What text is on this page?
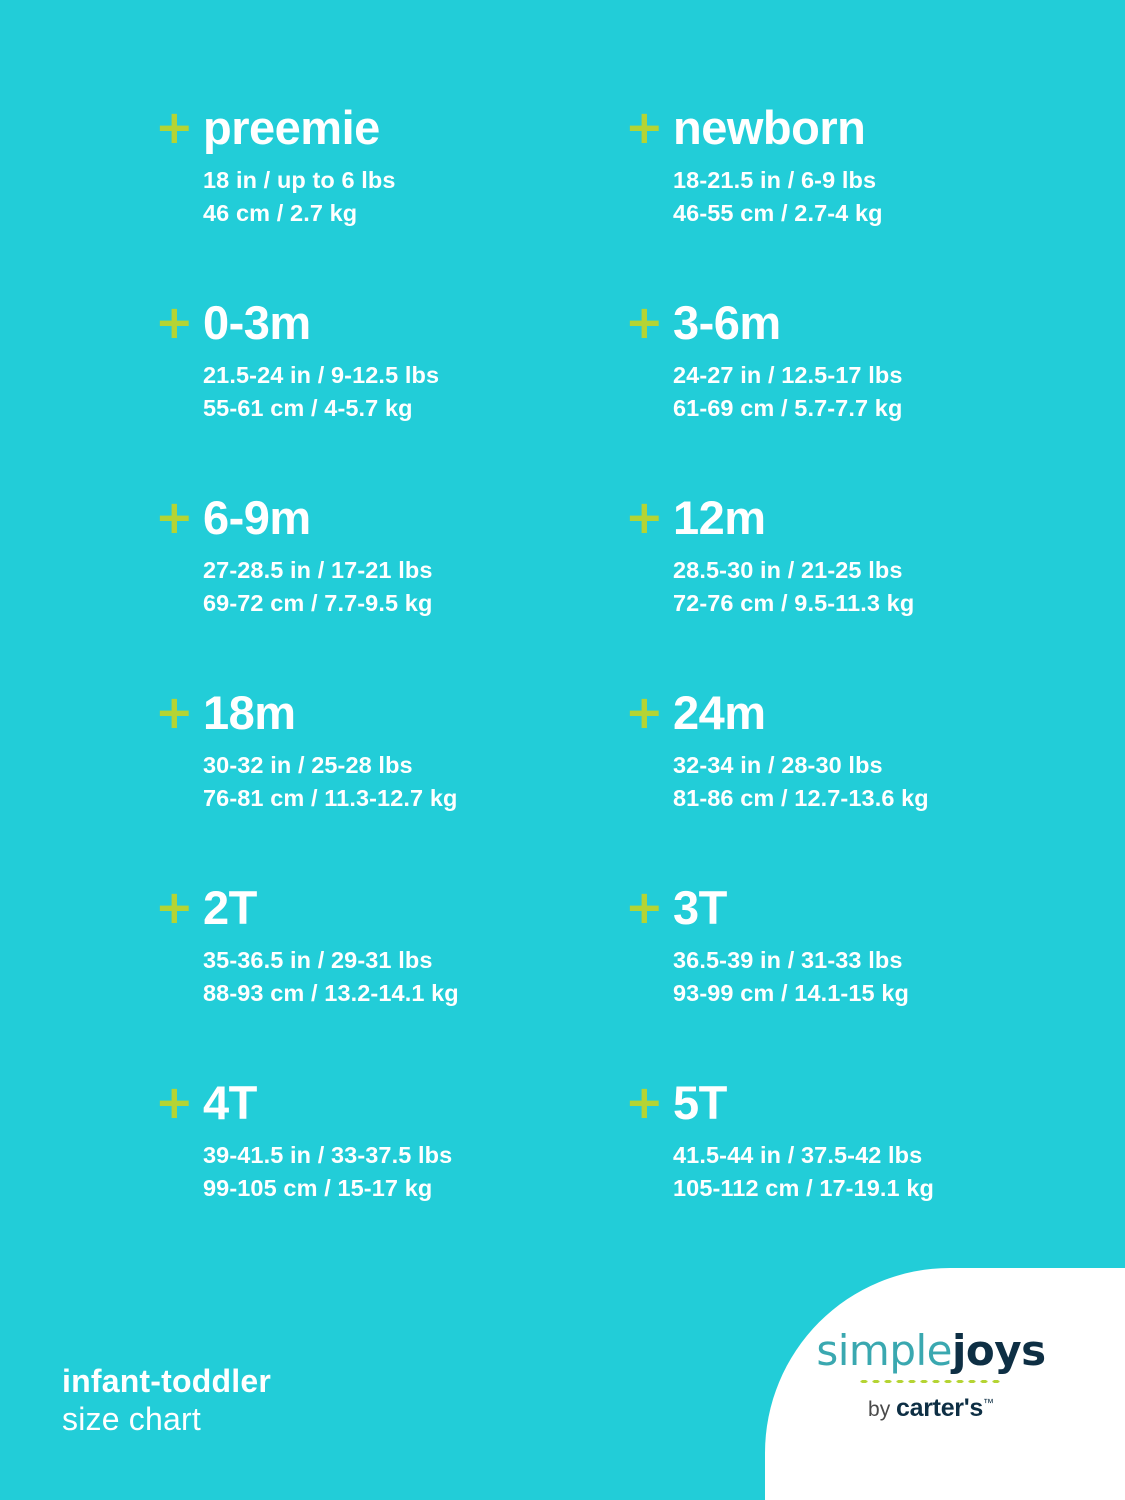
+ preemie
18 in / up to 6 lbs
46 cm / 2.7 kg
+ newborn
18-21.5 in / 6-9 lbs
46-55 cm / 2.7-4 kg
+ 0-3m
21.5-24 in / 9-12.5 lbs
55-61 cm / 4-5.7 kg
+ 3-6m
24-27 in / 12.5-17 lbs
61-69 cm / 5.7-7.7 kg
+ 6-9m
27-28.5 in / 17-21 lbs
69-72 cm / 7.7-9.5 kg
+ 12m
28.5-30 in / 21-25 lbs
72-76 cm / 9.5-11.3 kg
+ 18m
30-32 in / 25-28 lbs
76-81 cm / 11.3-12.7 kg
+ 24m
32-34 in / 28-30 lbs
81-86 cm / 12.7-13.6 kg
+ 2T
35-36.5 in / 29-31 lbs
88-93 cm / 13.2-14.1 kg
+ 3T
36.5-39 in / 31-33 lbs
93-99 cm / 14.1-15 kg
+ 4T
39-41.5 in / 33-37.5 lbs
99-105 cm / 15-17 kg
+ 5T
41.5-44 in / 37.5-42 lbs
105-112 cm / 17-19.1 kg
infant-toddler
size chart
simplejoys
by carter's™
